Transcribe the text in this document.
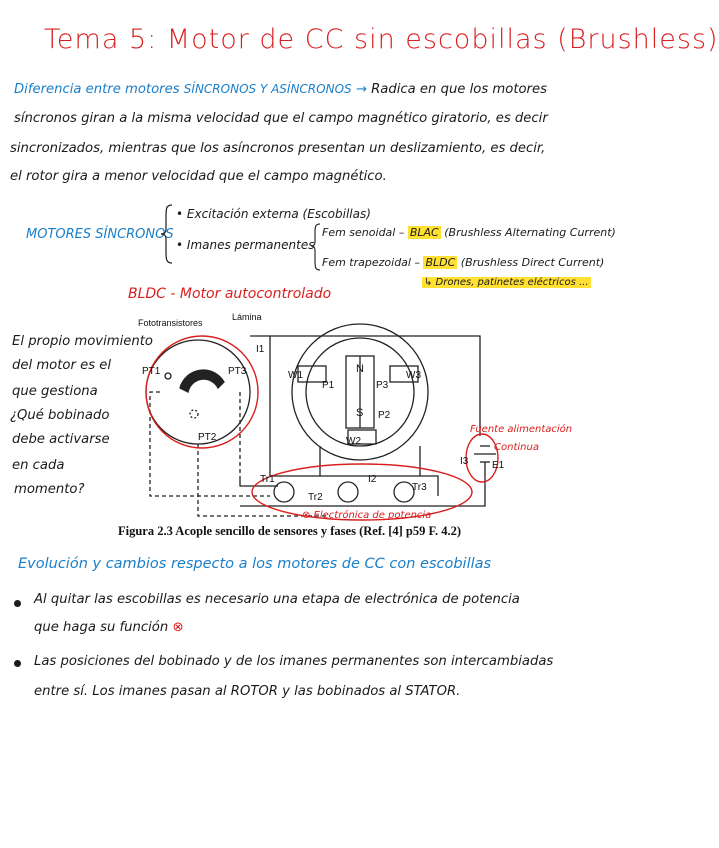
Tema 5: Motor de CC sin escobillas (Brushless)
Diferencia entre motores SÍNCRONOS Y ASÍNCRONOS → Radica en que los motores
síncronos giran a la misma velocidad que el campo magnético giratorio, es decir
sincronizados, mientras que los asíncronos presentan un deslizamiento, es decir,
el rotor gira a menor velocidad que el campo magnético.
MOTORES SÍNCRONOS
• Excitación externa (Escobillas)
• Imanes permanentes
Fem senoidal – BLAC (Brushless Alternating Current)
Fem trapezoidal – BLDC (Brushless Direct Current)
↳ Drones, patinetes eléctricos ...
BLDC - Motor autocontrolado
El propio movimiento
del motor es el
que gestiona
¿Qué bobinado
debe activarse
en cada
momento?
Fototransistores
Lámina
PT1	PT3
PT2
P1
P2
P3
W1
W2
W3
N
S
I1
I2
I3 E1
Tr1
Tr2
Tr3
⊗ Electrónica de potencia
Fuente alimentación
Continua
Figura 2.3 Acople sencillo de sensores y fases (Ref. [4] p59 F. 4.2)
Evolución y cambios respecto a los motores de CC con escobillas
Al quitar las escobillas es necesario una etapa de electrónica de potencia
que haga su función ⊗
Las posiciones del bobinado y de los imanes permanentes son intercambiadas
entre sí. Los imanes pasan al ROTOR y las bobinados al STATOR.
